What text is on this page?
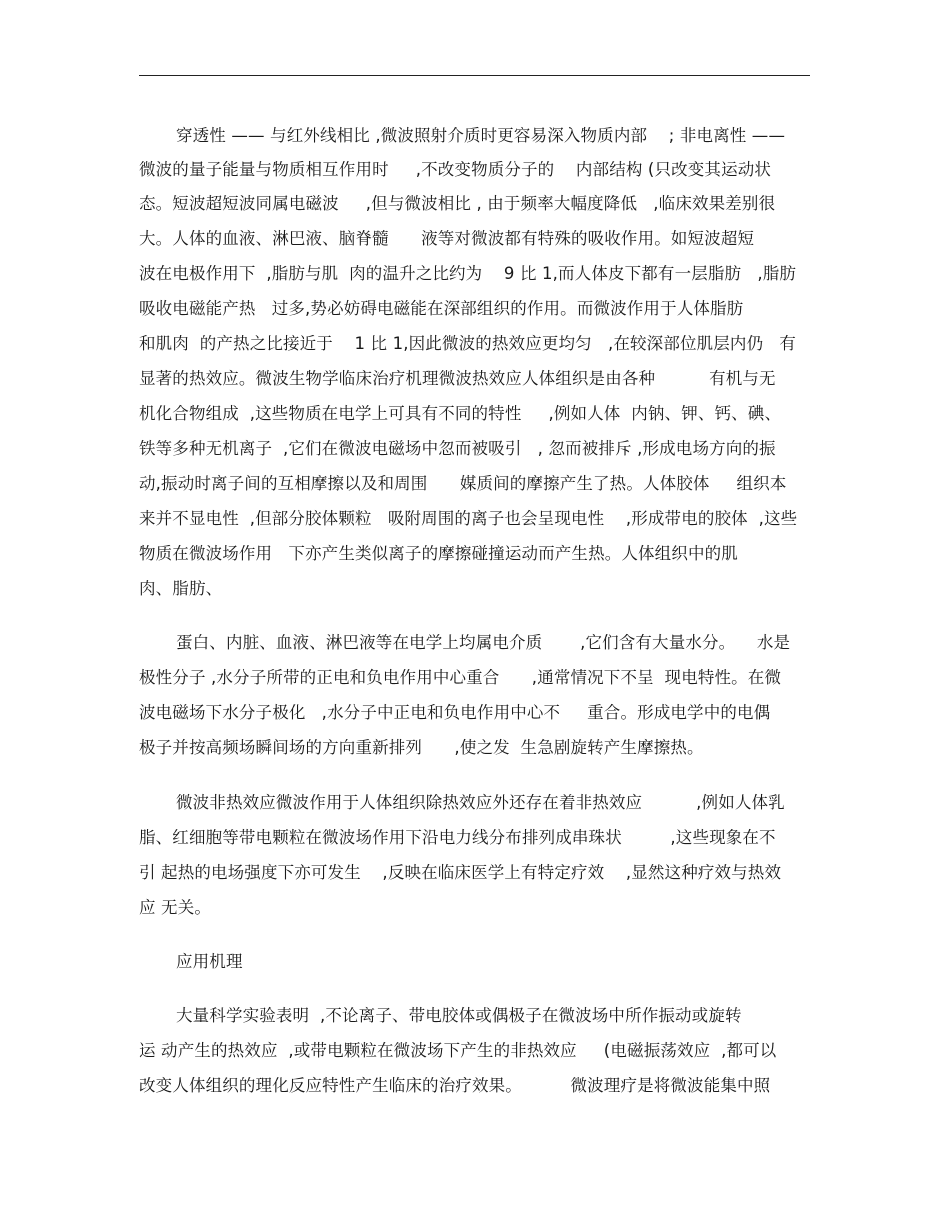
穿透性 —— 与红外线相比 ,微波照射介质时更容易深入物质内部    ; 非电离性 ——
微波的量子能量与物质相互作用时     ,不改变物质分子的    内部结构 (只改变其运动状
态。短波超短波同属电磁波     ,但与微波相比 , 由于频率大幅度降低   ,临床效果差别很
大。人体的血液、淋巴液、脑脊髓      液等对微波都有特殊的吸收作用。如短波超短
波在电极作用下  ,脂肪与肌  肉的温升之比约为    9 比 1,而人体皮下都有一层脂肪   ,脂肪
吸收电磁能产热   过多,势必妨碍电磁能在深部组织的作用。而微波作用于人体脂肪
和肌肉  的产热之比接近于    1 比 1,因此微波的热效应更均匀   ,在较深部位肌层内仍   有
显著的热效应。微波生物学临床治疗机理微波热效应人体组织是由各种          有机与无
机化合物组成  ,这些物质在电学上可具有不同的特性     ,例如人体  内钠、钾、钙、碘、
铁等多种无机离子  ,它们在微波电磁场中忽而被吸引   , 忽而被排斥 ,形成电场方向的振
动,振动时离子间的互相摩擦以及和周围      媒质间的摩擦产生了热。人体胶体     组织本
来并不显电性  ,但部分胶体颗粒   吸附周围的离子也会呈现电性    ,形成带电的胶体  ,这些
物质在微波场作用   下亦产生类似离子的摩擦碰撞运动而产生热。人体组织中的肌
肉、脂肪、
蛋白、内脏、血液、淋巴液等在电学上均属电介质       ,它们含有大量水分。    水是
极性分子 ,水分子所带的正电和负电作用中心重合      ,通常情况下不呈  现电特性。在微
波电磁场下水分子极化   ,水分子中正电和负电作用中心不     重合。形成电学中的电偶
极子并按高频场瞬间场的方向重新排列      ,使之发  生急剧旋转产生摩擦热。
微波非热效应微波作用于人体组织除热效应外还存在着非热效应          ,例如人体乳
脂、红细胞等带电颗粒在微波场作用下沿电力线分布排列成串珠状         ,这些现象在不
引 起热的电场强度下亦可发生    ,反映在临床医学上有特定疗效    ,显然这种疗效与热效
应 无关。
应用机理
大量科学实验表明  ,不论离子、带电胶体或偶极子在微波场中所作振动或旋转
运 动产生的热效应  ,或带电颗粒在微波场下产生的非热效应     (电磁振荡效应  ,都可以
改变人体组织的理化反应特性产生临床的治疗效果。         微波理疗是将微波能集中照
